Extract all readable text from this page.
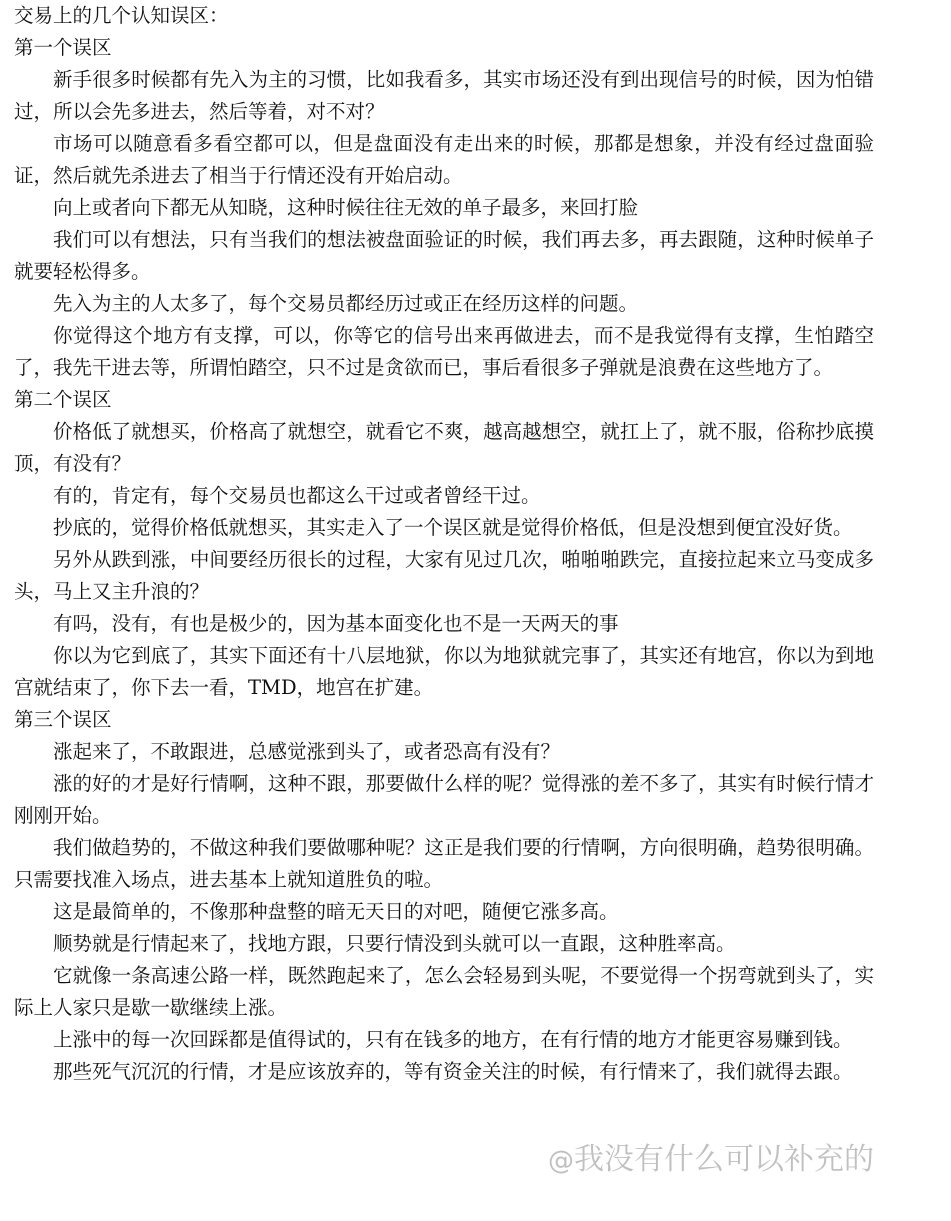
交易上的几个认知误区：

第一个误区

新手很多时候都有先入为主的习惯，比如我看多，其实市场还没有到出现信号的时候，因为怕错过，所以会先多进去，然后等着，对不对？

市场可以随意看多看空都可以，但是盘面没有走出来的时候，那都是想象，并没有经过盘面验证，然后就先杀进去了相当于行情还没有开始启动。

向上或者向下都无从知晓，这种时候往往无效的单子最多，来回打脸

我们可以有想法，只有当我们的想法被盘面验证的时候，我们再去多，再去跟随，这种时候单子就要轻松得多。

先入为主的人太多了，每个交易员都经历过或正在经历这样的问题。

你觉得这个地方有支撑，可以，你等它的信号出来再做进去，而不是我觉得有支撑，生怕踏空了，我先干进去等，所谓怕踏空，只不过是贪欲而已，事后看很多子弹就是浪费在这些地方了。

第二个误区

价格低了就想买，价格高了就想空，就看它不爽，越高越想空，就扛上了，就不服，俗称抄底摸顶，有没有？

有的，肯定有，每个交易员也都这么干过或者曾经干过。

抄底的，觉得价格低就想买，其实走入了一个误区就是觉得价格低，但是没想到便宜没好货。

另外从跌到涨，中间要经历很长的过程，大家有见过几次，啪啪啪跌完，直接拉起来立马变成多头，马上又主升浪的？

有吗，没有，有也是极少的，因为基本面变化也不是一天两天的事

你以为它到底了，其实下面还有十八层地狱，你以为地狱就完事了，其实还有地宫，你以为到地宫就结束了，你下去一看，TMD，地宫在扩建。

第三个误区

涨起来了，不敢跟进，总感觉涨到头了，或者恐高有没有？

涨的好的才是好行情啊，这种不跟，那要做什么样的呢？觉得涨的差不多了，其实有时候行情才刚刚开始。

我们做趋势的，不做这种我们要做哪种呢？这正是我们要的行情啊，方向很明确，趋势很明确。只需要找准入场点，进去基本上就知道胜负的啦。

这是最简单的，不像那种盘整的暗无天日的对吧，随便它涨多高。

顺势就是行情起来了，找地方跟，只要行情没到头就可以一直跟，这种胜率高。

它就像一条高速公路一样，既然跑起来了，怎么会轻易到头呢，不要觉得一个拐弯就到头了，实际上人家只是歇一歇继续上涨。

上涨中的每一次回踩都是值得试的，只有在钱多的地方，在有行情的地方才能更容易赚到钱。

那些死气沉沉的行情，才是应该放弃的，等有资金关注的时候，有行情来了，我们就得去跟。

@我没有什么可以补充的
